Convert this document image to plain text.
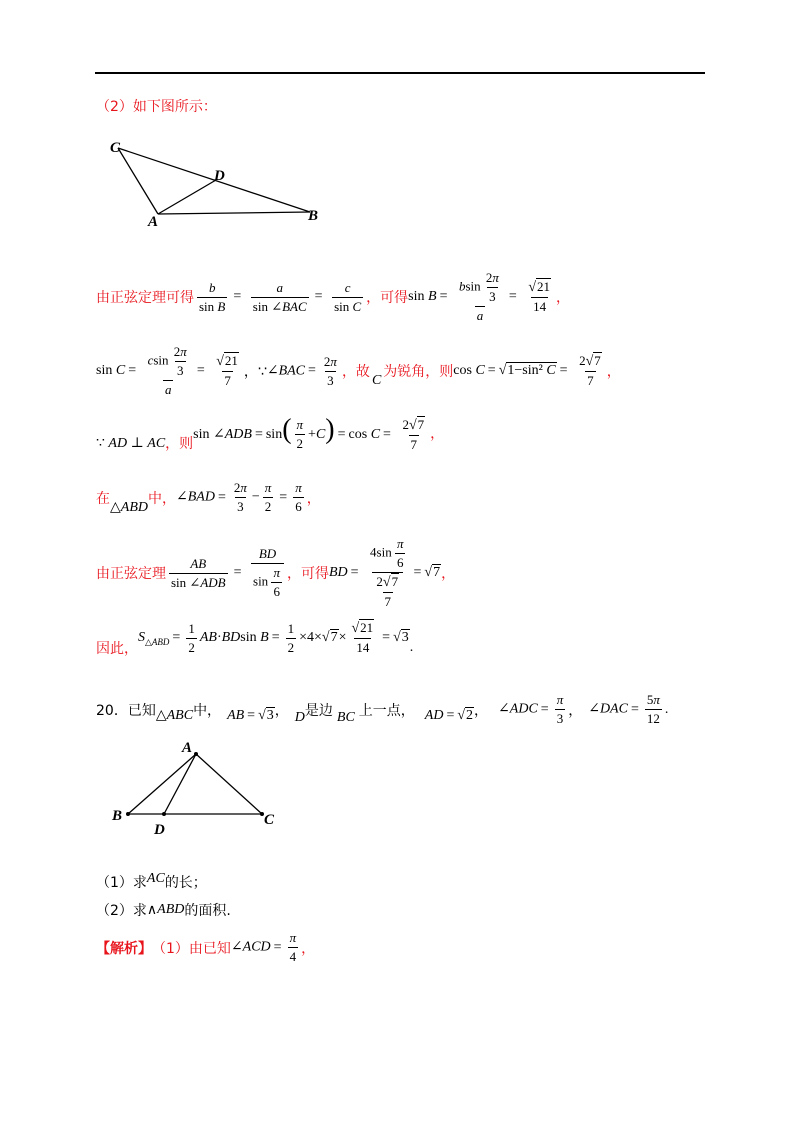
（2）如下图所示：
C
D
A	B
由正弦定理可得 $\frac{b}{\text{sin B}} = \frac{a}{\text{sin ∠BAC}} = \frac{c}{\text{sin C}}$ ，可得 $\sin B = \frac{bsin \frac{2\pi}{3}}{a} = \frac{√21}{14}$ ，
$\sin C = \frac{csin \frac{2\pi}{3}}{a} = \frac{√21}{7}$ ，∵ ∠BAC = $\frac{2\pi}{3}$ ，故
C
为锐角，则 cos C = √1−sin² $C = \frac{2√7}{7}$ ，
∵ AD ⊥ AC ，则
sin ∠ADB = $\sin( \frac{\pi}{2} +C) = \cos C = \frac{2√7}{7}$ ，
在
△ABD
中， ∠BAD = $\frac{2\pi}{3} - \frac{\pi}{2} = \frac{\pi}{6}$ ，
由正弦定理 $\frac{AB}{\text{sin ∠ADB}} = \frac{BD}{\sin \frac{\pi}{6}}$ ，可得 BD = $\frac{4\sin \frac{\pi}{6}}{\frac{2√7}{7}} = √7$ ，
因此，
$S_{\triangle ABD} = \frac{1}{2} AB\cdot BDsin$ $B = \frac{1}{2} \times 4\times√7\times \frac{√21}{14} = √3$
.
20．已知 △ABC 中， AB = √3 ， D 是边 BC 上一点， AD = √2 ， ∠ADC = $\frac{\pi}{3}$ ， ∠DAC = $\frac{5\pi}{12}$ .
A
B
D
C
（1）求 AC 的长；
（2）求 ∧ ABD 的面积.
【解析】 （1）由已知 ∠ACD = $\frac{\pi}{4}$ ，
